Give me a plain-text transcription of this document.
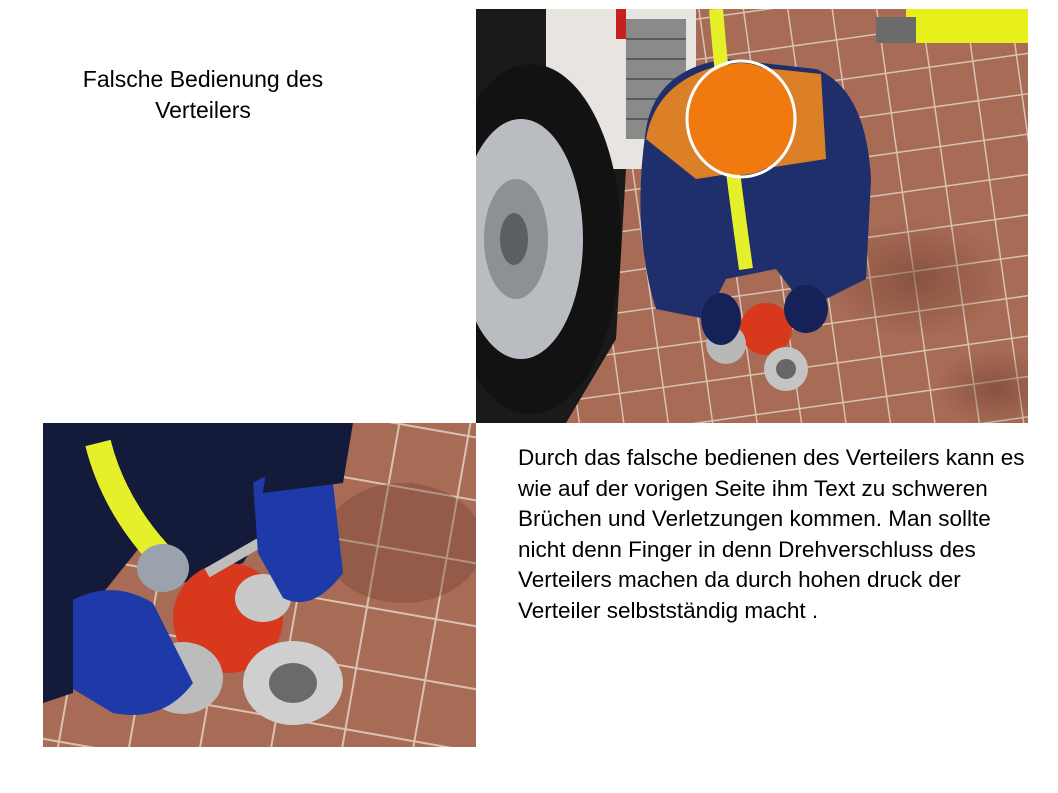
Falsche Bedienung des Verteilers
Durch das falsche bedienen des Verteilers kann es wie auf der vorigen Seite ihm Text zu schweren Brüchen und Verletzungen kommen. Man sollte nicht denn Finger in denn Drehverschluss des Verteilers machen da durch hohen druck der Verteiler selbstständig macht .
